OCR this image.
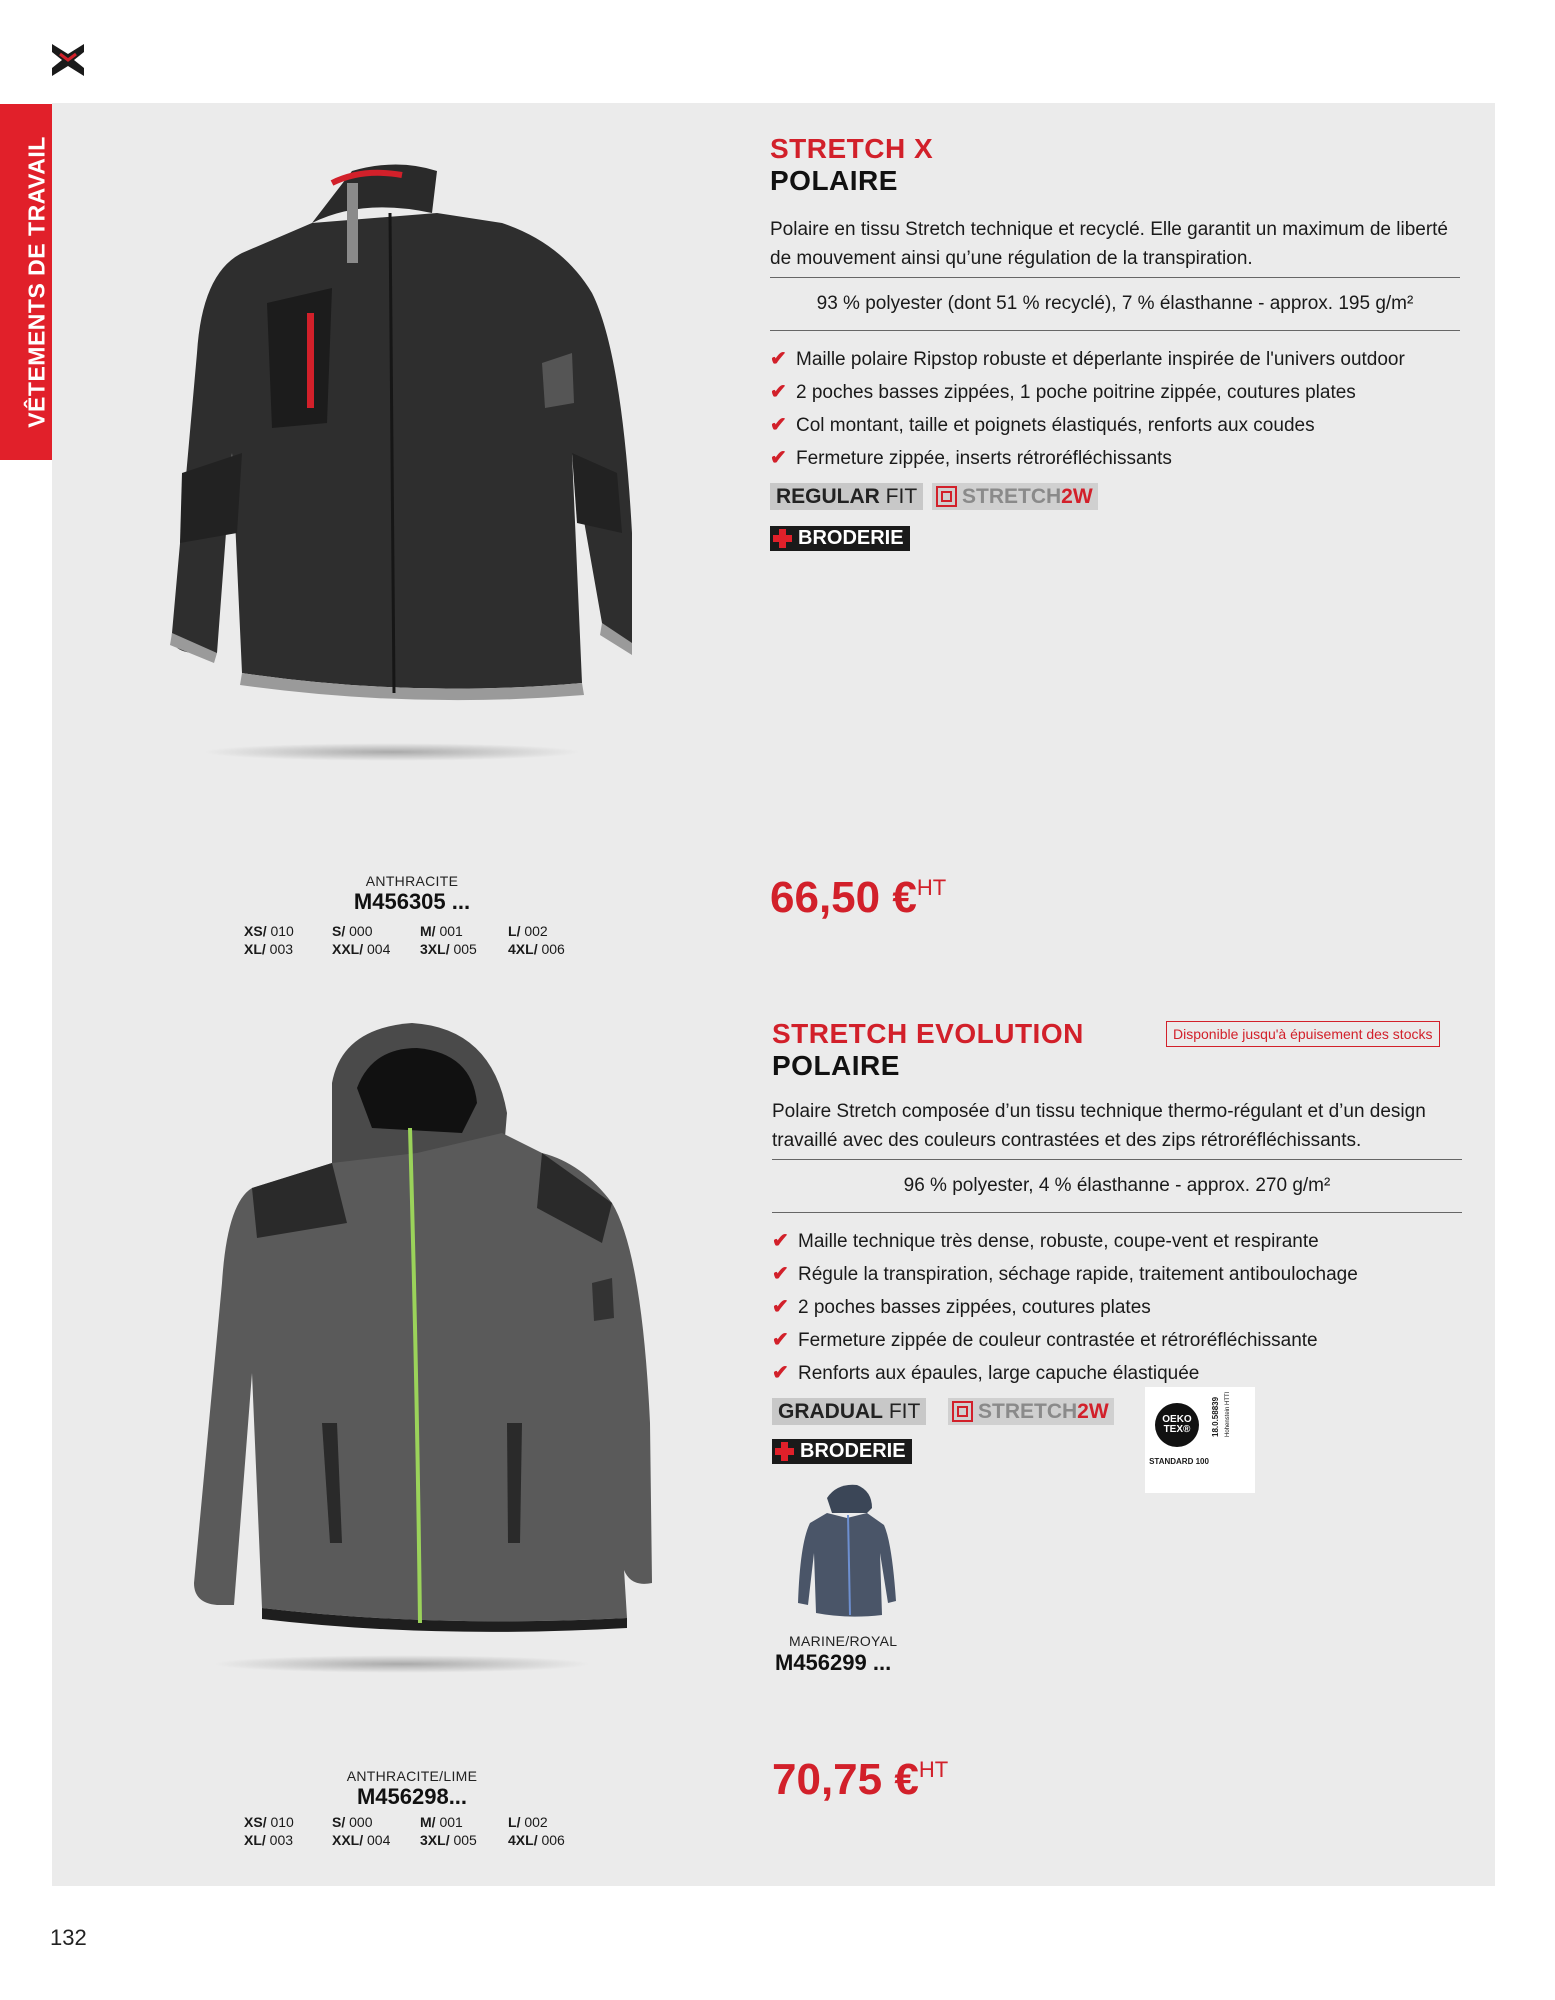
VÊTEMENTS DE TRAVAIL
ANTHRACITE
M456305 ...
XS/ 010	S/ 000	M/ 001	L/ 002
XL/ 003	XXL/ 004	3XL/ 005	4XL/ 006
STRETCH X
POLAIRE
Polaire en tissu Stretch technique et recyclé. Elle garantit un maximum de liberté de mouvement ainsi qu’une régulation de la transpiration.
93 % polyester (dont 51 % recyclé), 7 % élasthanne - approx. 195 g/m²
✔ Maille polaire Ripstop robuste et déperlante inspirée de l'univers outdoor
✔ 2 poches basses zippées, 1 poche poitrine zippée, coutures plates
✔ Col montant, taille et poignets élastiqués, renforts aux coudes
✔ Fermeture zippée, inserts rétroréfléchissants
REGULAR FIT	STRETCH2W
BRODERIE
66,50 €$^{HT}$
ANTHRACITE/LIME
M456298...
XS/ 010	S/ 000	M/ 001	L/ 002
XL/ 003	XXL/ 004	3XL/ 005	4XL/ 006
STRETCH EVOLUTION
POLAIRE
Disponible jusqu'à épuisement des stocks
Polaire Stretch composée d’un tissu technique thermo-régulant et d’un design travaillé avec des couleurs contrastées et des zips rétroréfléchissants.
96 % polyester, 4 % élasthanne - approx. 270 g/m²
✔ Maille technique très dense, robuste, coupe-vent et respirante
✔ Régule la transpiration, séchage rapide, traitement antiboulochage
✔ 2 poches basses zippées, coutures plates
✔ Fermeture zippée de couleur contrastée et rétroréfléchissante
✔ Renforts aux épaules, large capuche élastiquée
GRADUAL FIT	STRETCH2W
BRODERIE
OEKO TEX®
STANDARD 100
18.0.58839 Hohenstein HTTI
MARINE/ROYAL
M456299 ...
70,75 €$^{HT}$
132
